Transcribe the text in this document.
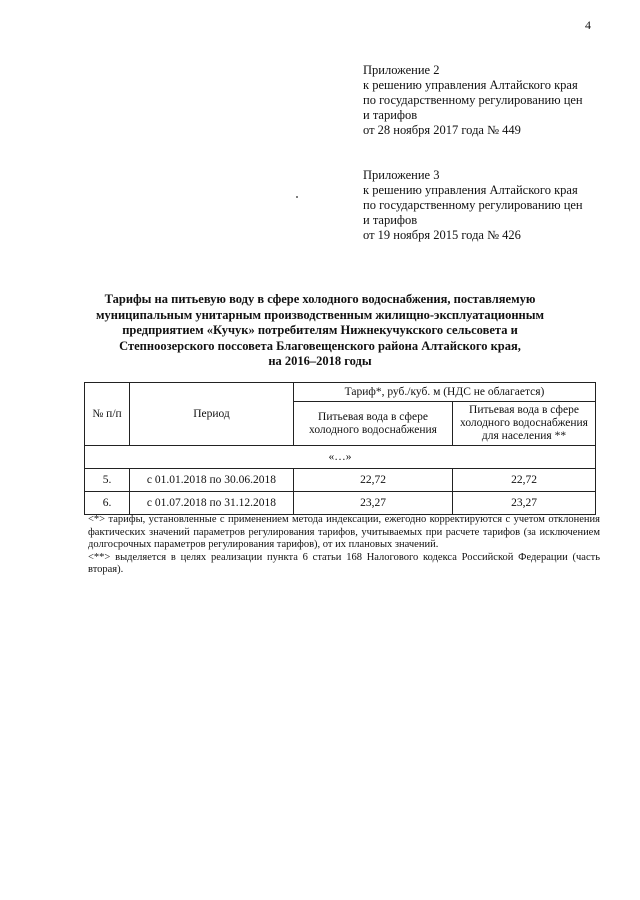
4
Приложение 2
к решению управления Алтайского края
по государственному регулированию цен
и тарифов
от 28 ноября 2017 года № 449
Приложение 3
к решению управления Алтайского края
по государственному регулированию цен
и тарифов
от 19 ноября 2015 года № 426
Тарифы на питьевую воду в сфере холодного водоснабжения, поставляемую
муниципальным унитарным производственным жилищно-эксплуатационным
предприятием «Кучук» потребителям Нижнекучукского сельсовета и
Степноозерского поссовета Благовещенского района Алтайского края,
на 2016–2018 годы
№ п/п	Период	Тариф*, руб./куб. м (НДС не облагается)	
		Питьевая вода в сфере холодного водоснабжения	Питьевая вода в сфере холодного водоснабжения для населения **
«…»			
5.	с 01.01.2018 по 30.06.2018	22,72	22,72
6.	с 01.07.2018 по 31.12.2018	23,27	23,27

<*> тарифы, установленные с применением метода индексации, ежегодно корректируются с учетом отклонения фактических значений параметров регулирования тарифов, учитываемых при расчете тарифов (за исключением долгосрочных параметров регулирования тарифов), от их плановых значений.

<**> выделяется в целях реализации пункта 6 статьи 168 Налогового кодекса Российской Федерации (часть вторая).
